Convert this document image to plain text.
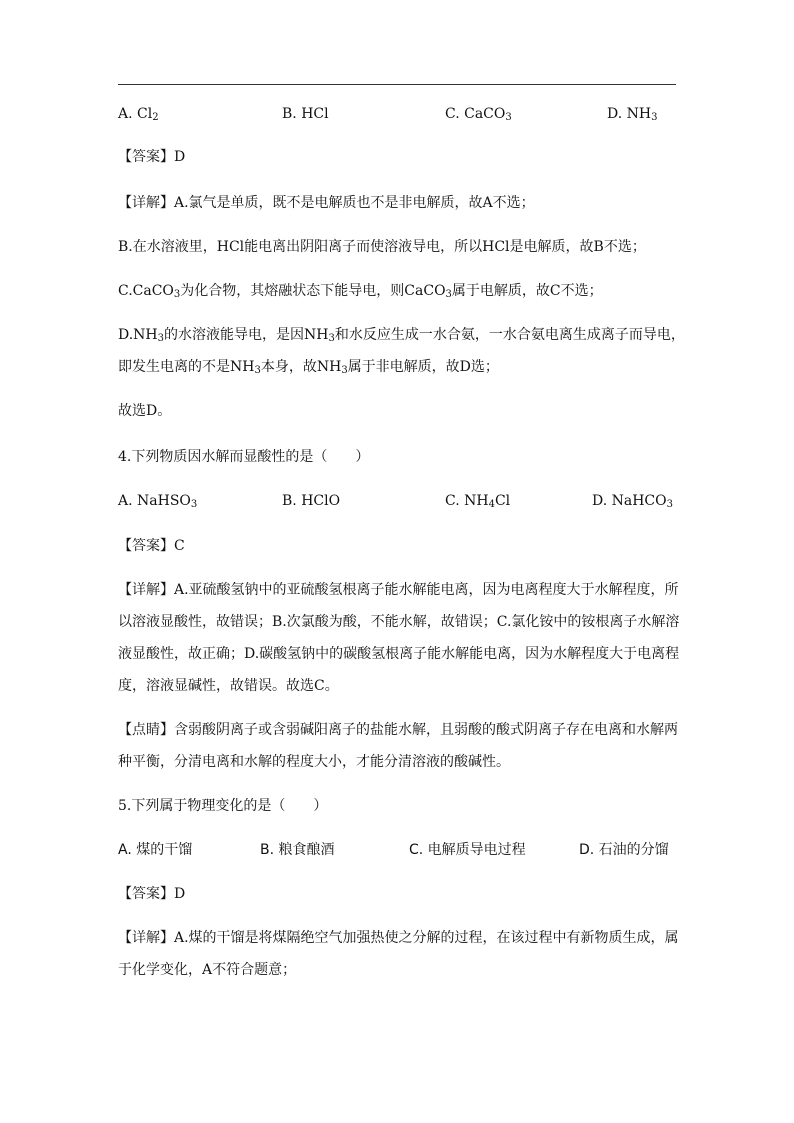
A. $Cl_2$	B. HCl	C. CaCO$_3$	D. $NH_3$
【答案】D
【详解】A.氯气是单质，既不是电解质也不是非电解质，故A不选；
B.在水溶液里，HCl能电离出阴阳离子而使溶液导电，所以HCl是电解质，故B不选；
C.CaCO$_3$为化合物，其熔融状态下能导电，则CaCO$_3$属于电解质，故C不选；
$D.NH_3$的水溶液能导电，是因$NH_3$和水反应生成一水合氨，一水合氨电离生成离子而导电，
即发生电离的不是$NH_3$本身，故$NH_3$属于非电解质，故D选；
故选D。
4.下列物质因水解而显酸性的是（　　）
A. NaHSO$_3$	B. HClO	C. $NH_4Cl$	D. NaHCO$_3$
【答案】C
【详解】A.亚硫酸氢钠中的亚硫酸氢根离子能水解能电离，因为电离程度大于水解程度，所
以溶液显酸性，故错误；B.次氯酸为酸，不能水解，故错误；C.氯化铵中的铵根离子水解溶
液显酸性，故正确；D.碳酸氢钠中的碳酸氢根离子能水解能电离，因为水解程度大于电离程
度，溶液显碱性，故错误。故选C。
【点睛】含弱酸阴离子或含弱碱阳离子的盐能水解，且弱酸的酸式阴离子存在电离和水解两
种平衡，分清电离和水解的程度大小，才能分清溶液的酸碱性。
5.下列属于物理变化的是（　　）
A. 煤的干馏	B. 粮食酿酒	C. 电解质导电过程	D. 石油的分馏
【答案】D
【详解】A.煤的干馏是将煤隔绝空气加强热使之分解的过程，在该过程中有新物质生成，属
于化学变化，A不符合题意；
